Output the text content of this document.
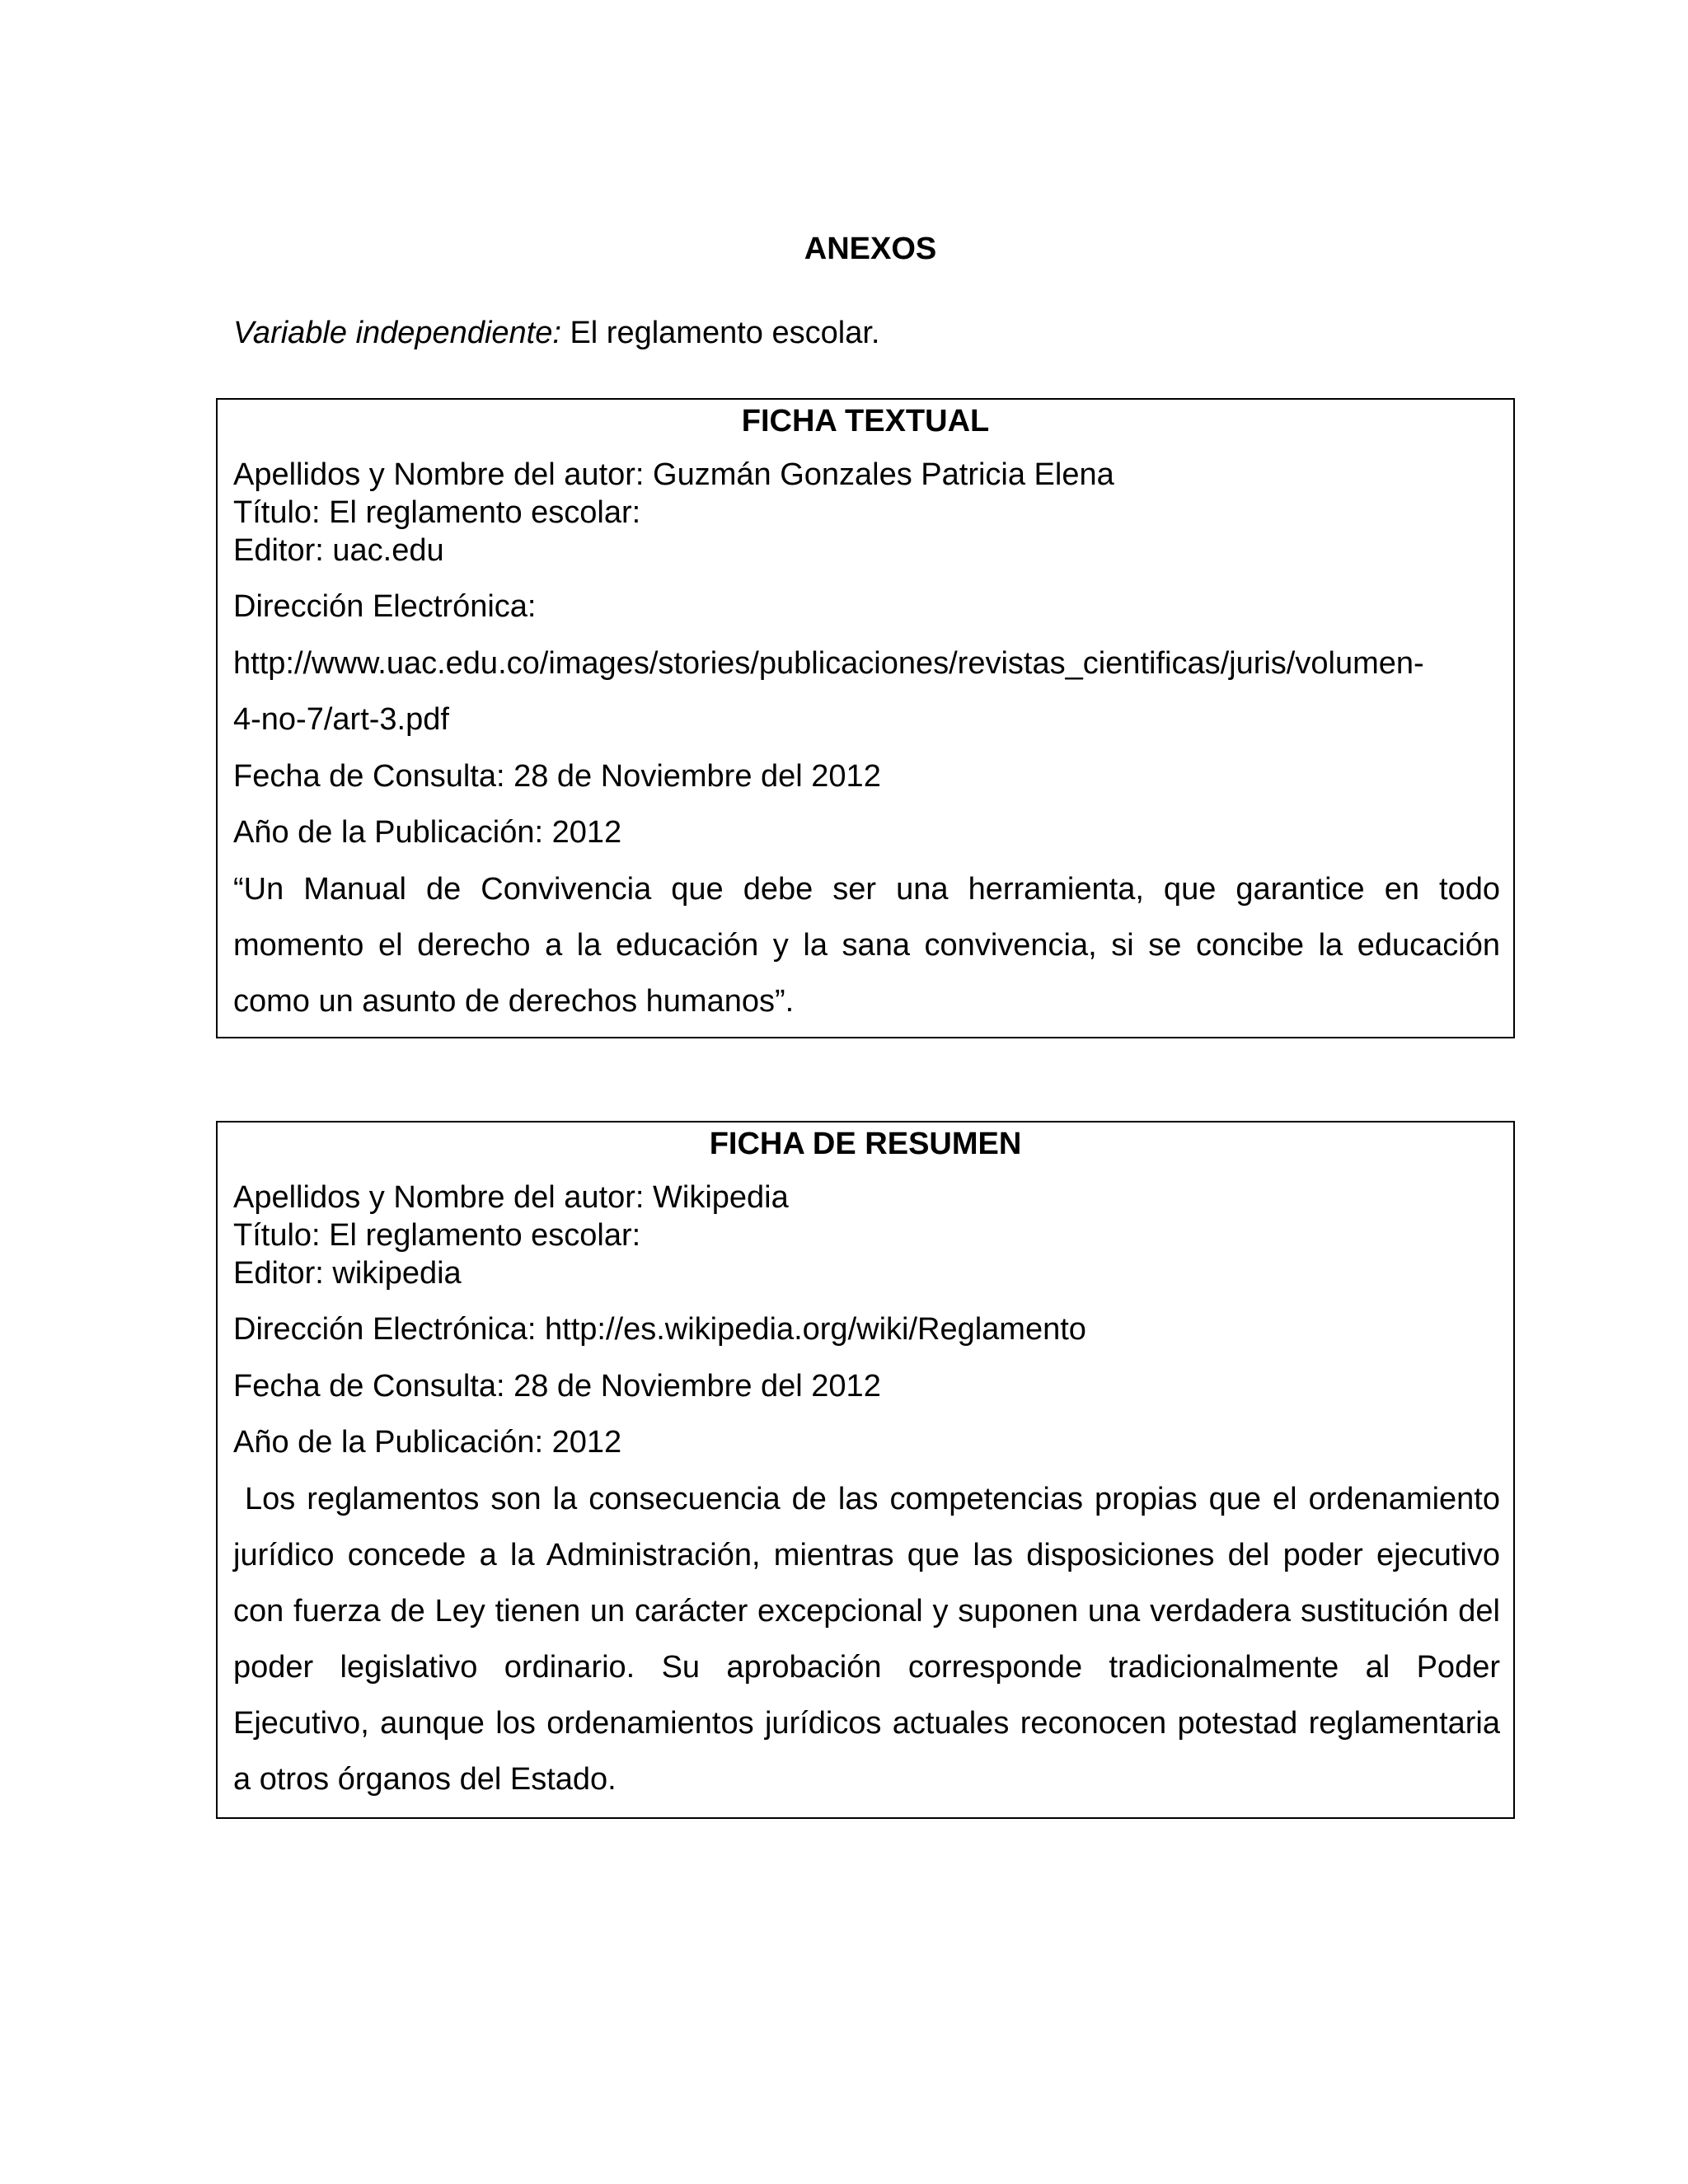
ANEXOS
Variable independiente: El reglamento escolar.
FICHA TEXTUAL
Apellidos y Nombre del autor: Guzmán Gonzales Patricia Elena
Título: El reglamento escolar:
Editor: uac.edu
Dirección Electrónica:
http://www.uac.edu.co/images/stories/publicaciones/revistas_cientificas/juris/volumen-
4-no-7/art-3.pdf
Fecha de Consulta: 28 de Noviembre del 2012
Año de la Publicación: 2012
“Un Manual de Convivencia que debe ser una herramienta, que garantice en todo momento el derecho a la educación y la sana convivencia, si se concibe la educación como un asunto de derechos humanos”.
FICHA DE RESUMEN
Apellidos y Nombre del autor: Wikipedia
Título: El reglamento escolar:
Editor: wikipedia
Dirección Electrónica: http://es.wikipedia.org/wiki/Reglamento
Fecha de Consulta: 28 de Noviembre del 2012
Año de la Publicación: 2012
Los reglamentos son la consecuencia de las competencias propias que el ordenamiento jurídico concede a la Administración, mientras que las disposiciones del poder ejecutivo con fuerza de Ley tienen un carácter excepcional y suponen una verdadera sustitución del poder legislativo ordinario. Su aprobación corresponde tradicionalmente al Poder Ejecutivo, aunque los ordenamientos jurídicos actuales reconocen potestad reglamentaria a otros órganos del Estado.
